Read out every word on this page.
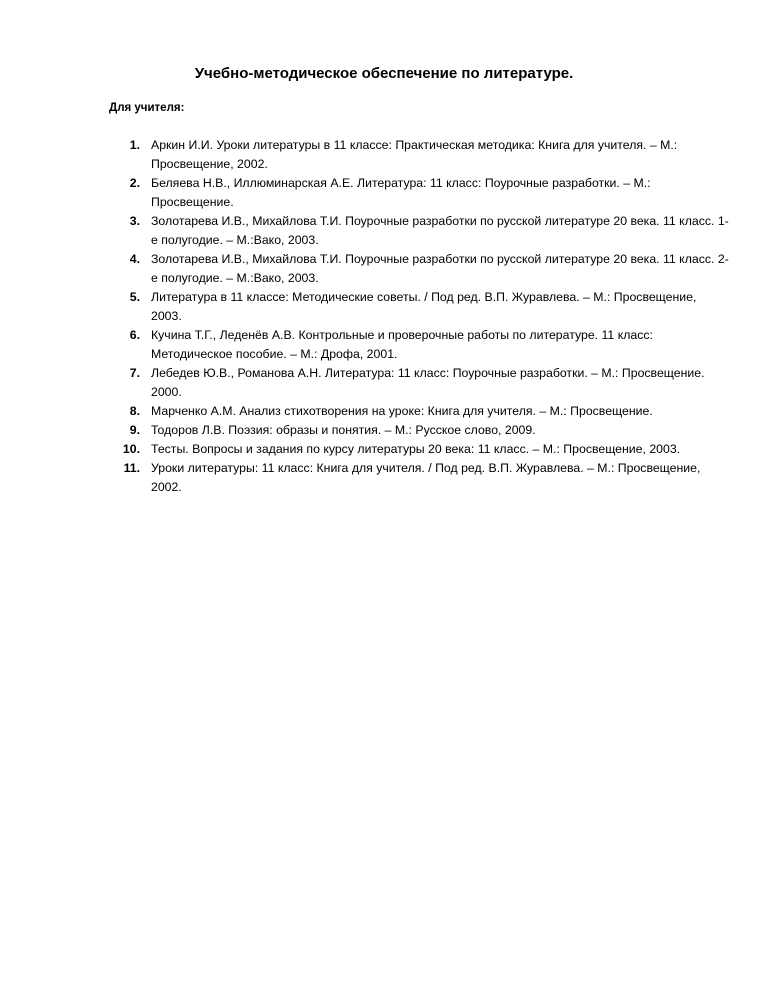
Учебно-методическое обеспечение по литературе.
Для учителя:
1. Аркин И.И. Уроки литературы в 11 классе: Практическая методика: Книга для учителя. – М.: Просвещение, 2002.
2. Беляева Н.В., Иллюминарская А.Е. Литература: 11 класс: Поурочные разработки. – М.: Просвещение.
3. Золотарева И.В., Михайлова Т.И. Поурочные разработки по русской литературе 20 века. 11 класс. 1-е полугодие. – М.:Вако, 2003.
4. Золотарева И.В., Михайлова Т.И. Поурочные разработки по русской литературе 20 века. 11 класс. 2-е полугодие. – М.:Вако, 2003.
5. Литература в 11 классе: Методические советы. / Под ред. В.П. Журавлева. – М.: Просвещение, 2003.
6. Кучина Т.Г., Леденёв А.В. Контрольные и проверочные работы по литературе. 11 класс: Методическое пособие. – М.: Дрофа, 2001.
7. Лебедев Ю.В., Романова А.Н. Литература: 11 класс: Поурочные разработки. – М.: Просвещение. 2000.
8. Марченко А.М. Анализ стихотворения на уроке: Книга для учителя. – М.: Просвещение.
9. Тодоров Л.В. Поэзия: образы и понятия. – М.: Русское слово, 2009.
10. Тесты. Вопросы и задания по курсу литературы 20 века: 11 класс. – М.: Просвещение, 2003.
11. Уроки литературы: 11 класс: Книга для учителя. / Под ред. В.П. Журавлева. – М.: Просвещение, 2002.
